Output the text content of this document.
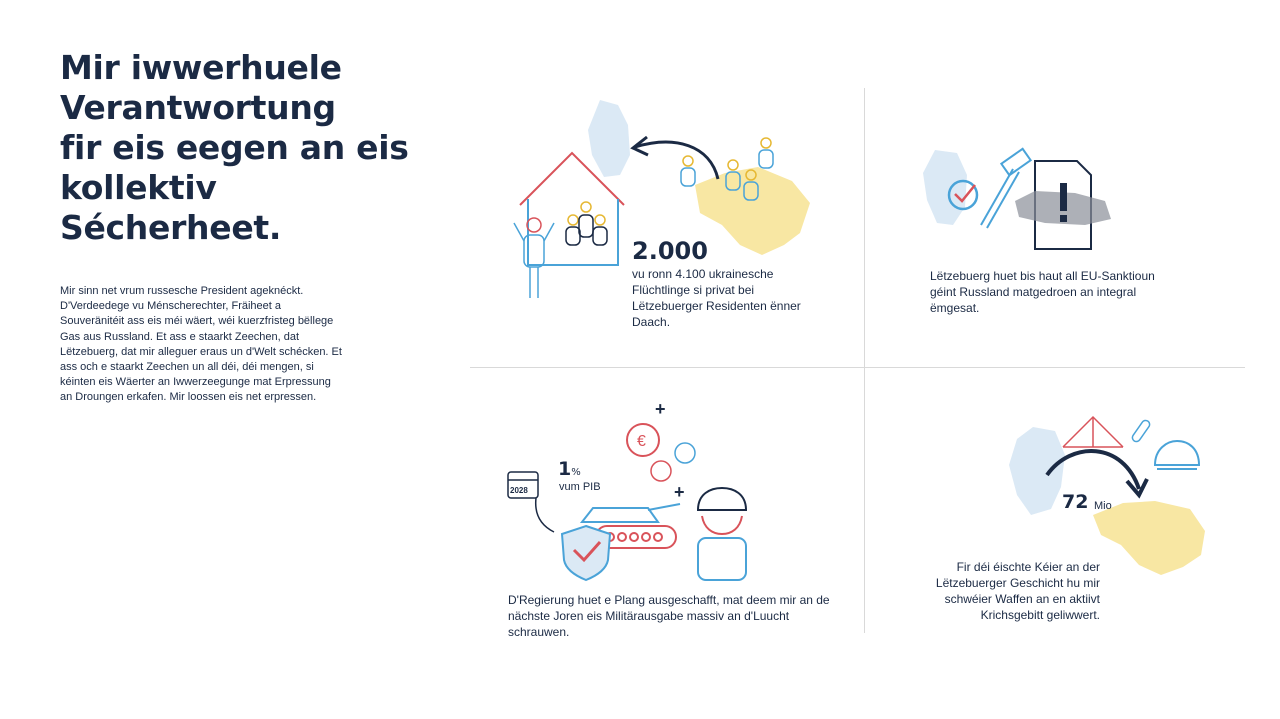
Mir iwwerhuele
Verantwortung
fir eis eegen an eis
kollektiv
Sécherheet.

Mir sinn net vrum russesche President ageknéckt. D'Verdeedege vu Ménscherechter, Fräiheet a Souveränitéit ass eis méi wäert, wéi kuerzfristeg bëllege Gas aus Russland. Et ass e staarkt Zeechen, dat Lëtzebuerg, dat mir alleguer eraus un d'Welt schécken. Et ass och e staarkt Zeechen un all déi, déi mengen, si kéinten eis Wäerter an Iwwerzeegunge mat Erpressung an Droungen erkafen. Mir loossen eis net erpressen.

2.000

vu ronn 4.100 ukrainesche Flüchtlinge si privat bei Lëtzebuerger Residenten ënner Daach.

Lëtzebuerg huet bis haut all EU-Sanktioun géint Russland matgedroen an integral ëmgesat.

€
+
+
2028
1%
vum PIB

D'Regierung huet e Plang ausgeschafft, mat deem mir an de nächste Joren eis Militärausgabe massiv an d'Luucht schrauwen.

72 Mio

Fir déi éischte Kéier an der Lëtzebuerger Geschicht hu mir schwéier Waffen an en aktiivt Krichsgebitt geliwwert.
